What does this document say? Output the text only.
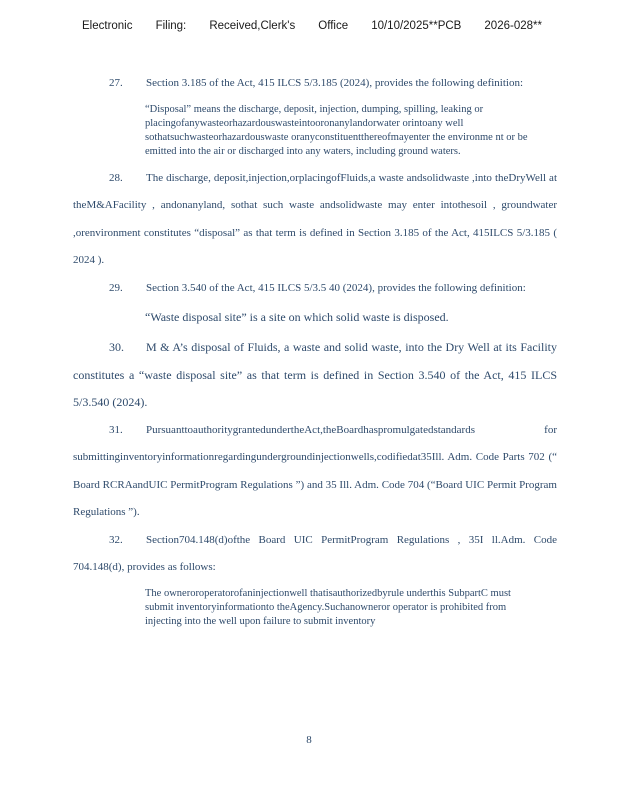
Electronic Filing: Received,Clerk's Office 10/10/2025**PCB 2026-028**

27. Section 3.185 of the Act, 415 ILCS 5/3.185 (2024), provides the following definition:

“Disposal” means the discharge, deposit, injection, dumping, spilling, leaking or placingofanywasteorhazardouswasteintooronanylandorwater orintoany well sothatsuchwasteorhazardouswaste oranyconstituentthereofmayenter the environme nt or be emitted into the air or discharged into any waters, including ground waters.

28. The discharge, deposit,injection,orplacingofFluids,a waste andsolidwaste ,into theDryWell at theM&AFacility , andonanyland, sothat such waste andsolidwaste may enter intothesoil , groundwater ,orenvironment constitutes “disposal” as that term is defined in Section 3.185 of the Act, 415ILCS 5/3.185 ( 2024 ).

29. Section 3.540 of the Act, 415 ILCS 5/3.5 40 (2024), provides the following definition:

“Waste disposal site” is a site on which solid waste is disposed.

30. M & A’s disposal of Fluids, a waste and solid waste, into the Dry Well at its Facility constitutes a “waste disposal site” as that term is defined in Section 3.540 of the Act, 415 ILCS 5/3.540 (2024).

31. PursuanttoauthoritygrantedundertheAct,theBoardhaspromulgatedstandards for submittinginventoryinformationregardingundergroundinjectionwells,codifiedat35Ill. Adm. Code Parts 702 (“ Board RCRAandUIC PermitProgram Regulations ”) and 35 Ill. Adm. Code 704 (“Board UIC Permit Program Regulations ”).

32. Section704.148(d)ofthe Board UIC PermitProgram Regulations , 35I ll.Adm. Code 704.148(d), provides as follows:

The owneroroperatorofaninjectionwell thatisauthorizedbyrule underthis SubpartC must submit inventoryinformationto theAgency.Suchanowneror operator is prohibited from injecting into the well upon failure to submit inventory
8
